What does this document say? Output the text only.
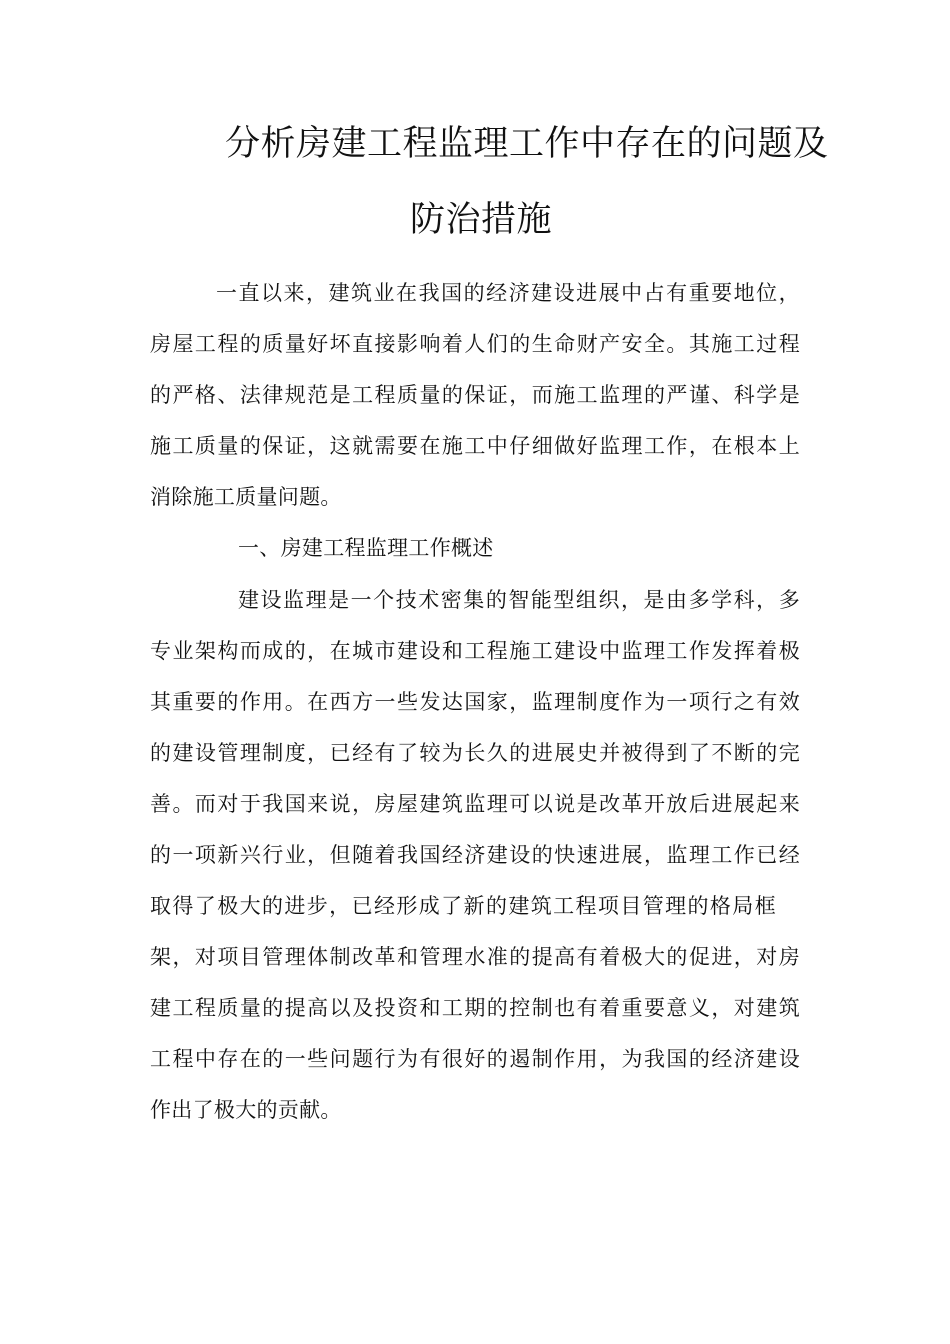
分析房建工程监理工作中存在的问题及
防治措施
一直以来，建筑业在我国的经济建设进展中占有重要地位，
房屋工程的质量好坏直接影响着人们的生命财产安全。其施工过程
的严格、法律规范是工程质量的保证，而施工监理的严谨、科学是
施工质量的保证，这就需要在施工中仔细做好监理工作，在根本上
消除施工质量问题。
一、房建工程监理工作概述
建设监理是一个技术密集的智能型组织，是由多学科，多
专业架构而成的，在城市建设和工程施工建设中监理工作发挥着极
其重要的作用。在西方一些发达国家，监理制度作为一项行之有效
的建设管理制度，已经有了较为长久的进展史并被得到了不断的完
善。而对于我国来说，房屋建筑监理可以说是改革开放后进展起来
的一项新兴行业，但随着我国经济建设的快速进展，监理工作已经
取得了极大的进步，已经形成了新的建筑工程项目管理的格局框
架，对项目管理体制改革和管理水准的提高有着极大的促进，对房
建工程质量的提高以及投资和工期的控制也有着重要意义，对建筑
工程中存在的一些问题行为有很好的遏制作用，为我国的经济建设
作出了极大的贡献。
